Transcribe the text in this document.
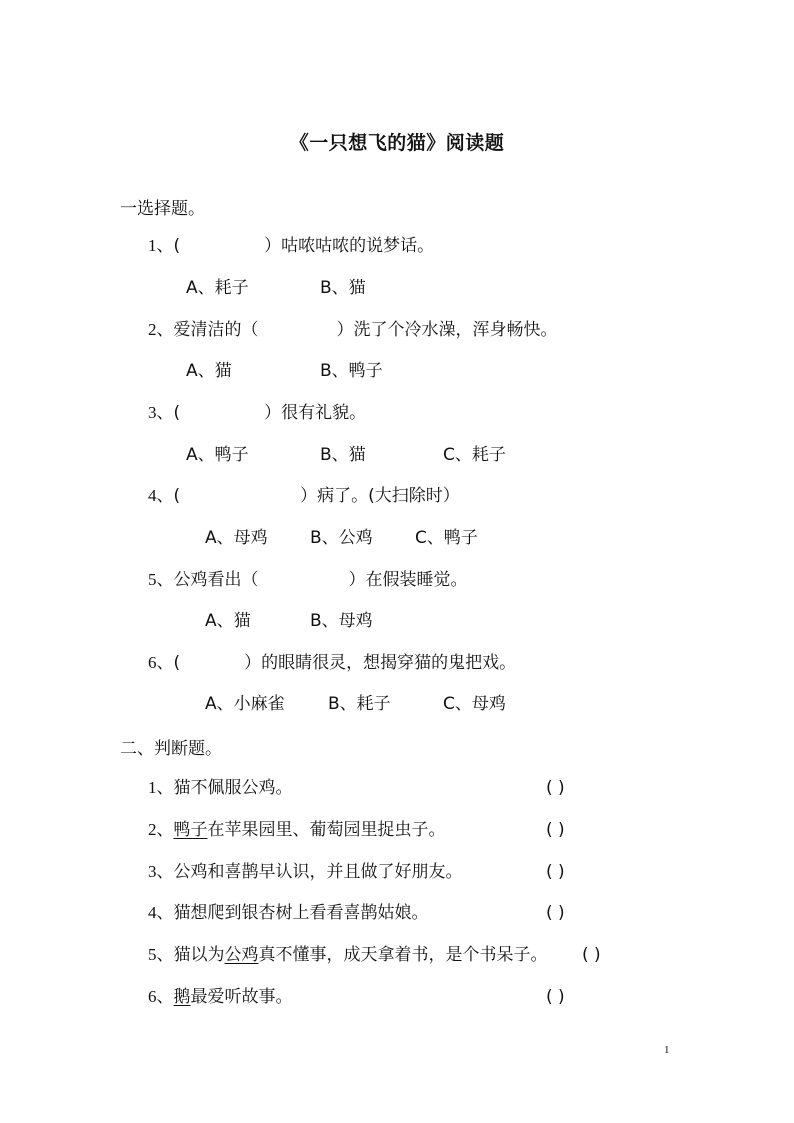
《一只想飞的猫》阅读题
一选择题。
1、(	）咕哝咕哝的说梦话。
A、耗子	B、猫
2、爱清洁的（	）洗了个冷水澡，浑身畅快。
A、猫	B、鸭子
3、(	）很有礼貌。
A、鸭子	B、猫	C、耗子
4、(	）病了。(大扫除时）
A、母鸡 B、公鸡 C、鸭子
5、公鸡看出（	）在假装睡觉。
A、猫	B、母鸡
6、(	）的眼睛很灵，想揭穿猫的鬼把戏。
A、小麻雀	B、耗子	C、母鸡
二、判断题。
1、猫不佩服公鸡。	( )
2、鸭子在苹果园里、葡萄园里捉虫子。	( )
3、公鸡和喜鹊早认识，并且做了好朋友。	( )
4、猫想爬到银杏树上看看喜鹊姑娘。	( )
5、猫以为公鸡真不懂事，成天拿着书，是个书呆子。 ( )
6、鹅最爱听故事。	( )
1
